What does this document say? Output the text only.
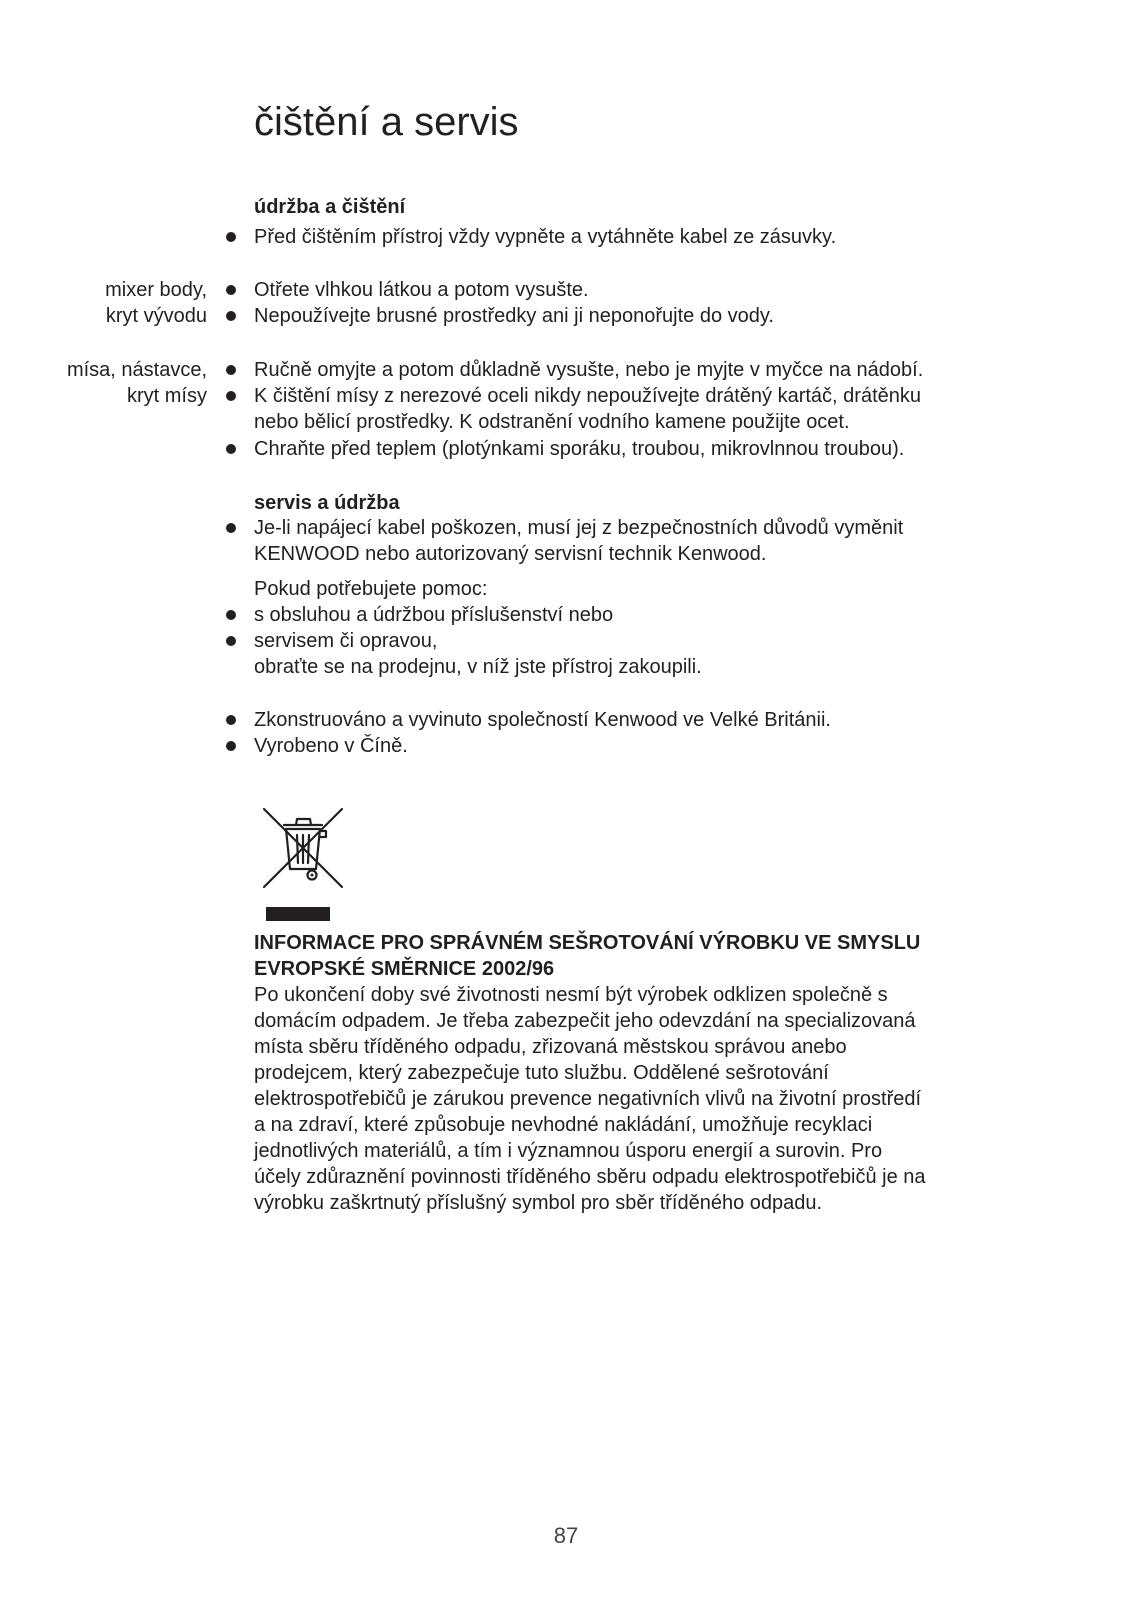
čištění a servis
údržba a čištění
Před čištěním přístroj vždy vypněte a vytáhněte kabel ze zásuvky.
mixer body,
kryt vývodu
Otřete vlhkou látkou a potom vysušte.
Nepoužívejte brusné prostředky ani ji neponořujte do vody.
mísa, nástavce,
kryt mísy
Ručně omyjte a potom důkladně vysušte, nebo je myjte v myčce na nádobí.
K čištění mísy z nerezové oceli nikdy nepoužívejte drátěný kartáč, drátěnku
nebo bělicí prostředky. K odstranění vodního kamene použijte ocet.
Chraňte před teplem (plotýnkami sporáku, troubou, mikrovlnnou troubou).
servis a údržba
Je-li napájecí kabel poškozen, musí jej z bezpečnostních důvodů vyměnit
KENWOOD nebo autorizovaný servisní technik Kenwood.
Pokud potřebujete pomoc:
s obsluhou a údržbou příslušenství nebo
servisem či opravou,
obraťte se na prodejnu, v níž jste přístroj zakoupili.
Zkonstruováno a vyvinuto společností Kenwood ve Velké Británii.
Vyrobeno v Číně.
INFORMACE PRO SPRÁVNÉM SEŠROTOVÁNÍ VÝROBKU VE SMYSLU
EVROPSKÉ SMĚRNICE 2002/96
Po ukončení doby své životnosti nesmí být výrobek odklizen společně s
domácím odpadem. Je třeba zabezpečit jeho odevzdání na specializovaná
místa sběru tříděného odpadu, zřizovaná městskou správou anebo
prodejcem, který zabezpečuje tuto službu. Oddělené sešrotování
elektrospotřebičů je zárukou prevence negativních vlivů na životní prostředí
a na zdraví, které způsobuje nevhodné nakládání, umožňuje recyklaci
jednotlivých materiálů, a tím i významnou úsporu energií a surovin. Pro
účely zdůraznění povinnosti tříděného sběru odpadu elektrospotřebičů je na
výrobku zaškrtnutý příslušný symbol pro sběr tříděného odpadu.
87
